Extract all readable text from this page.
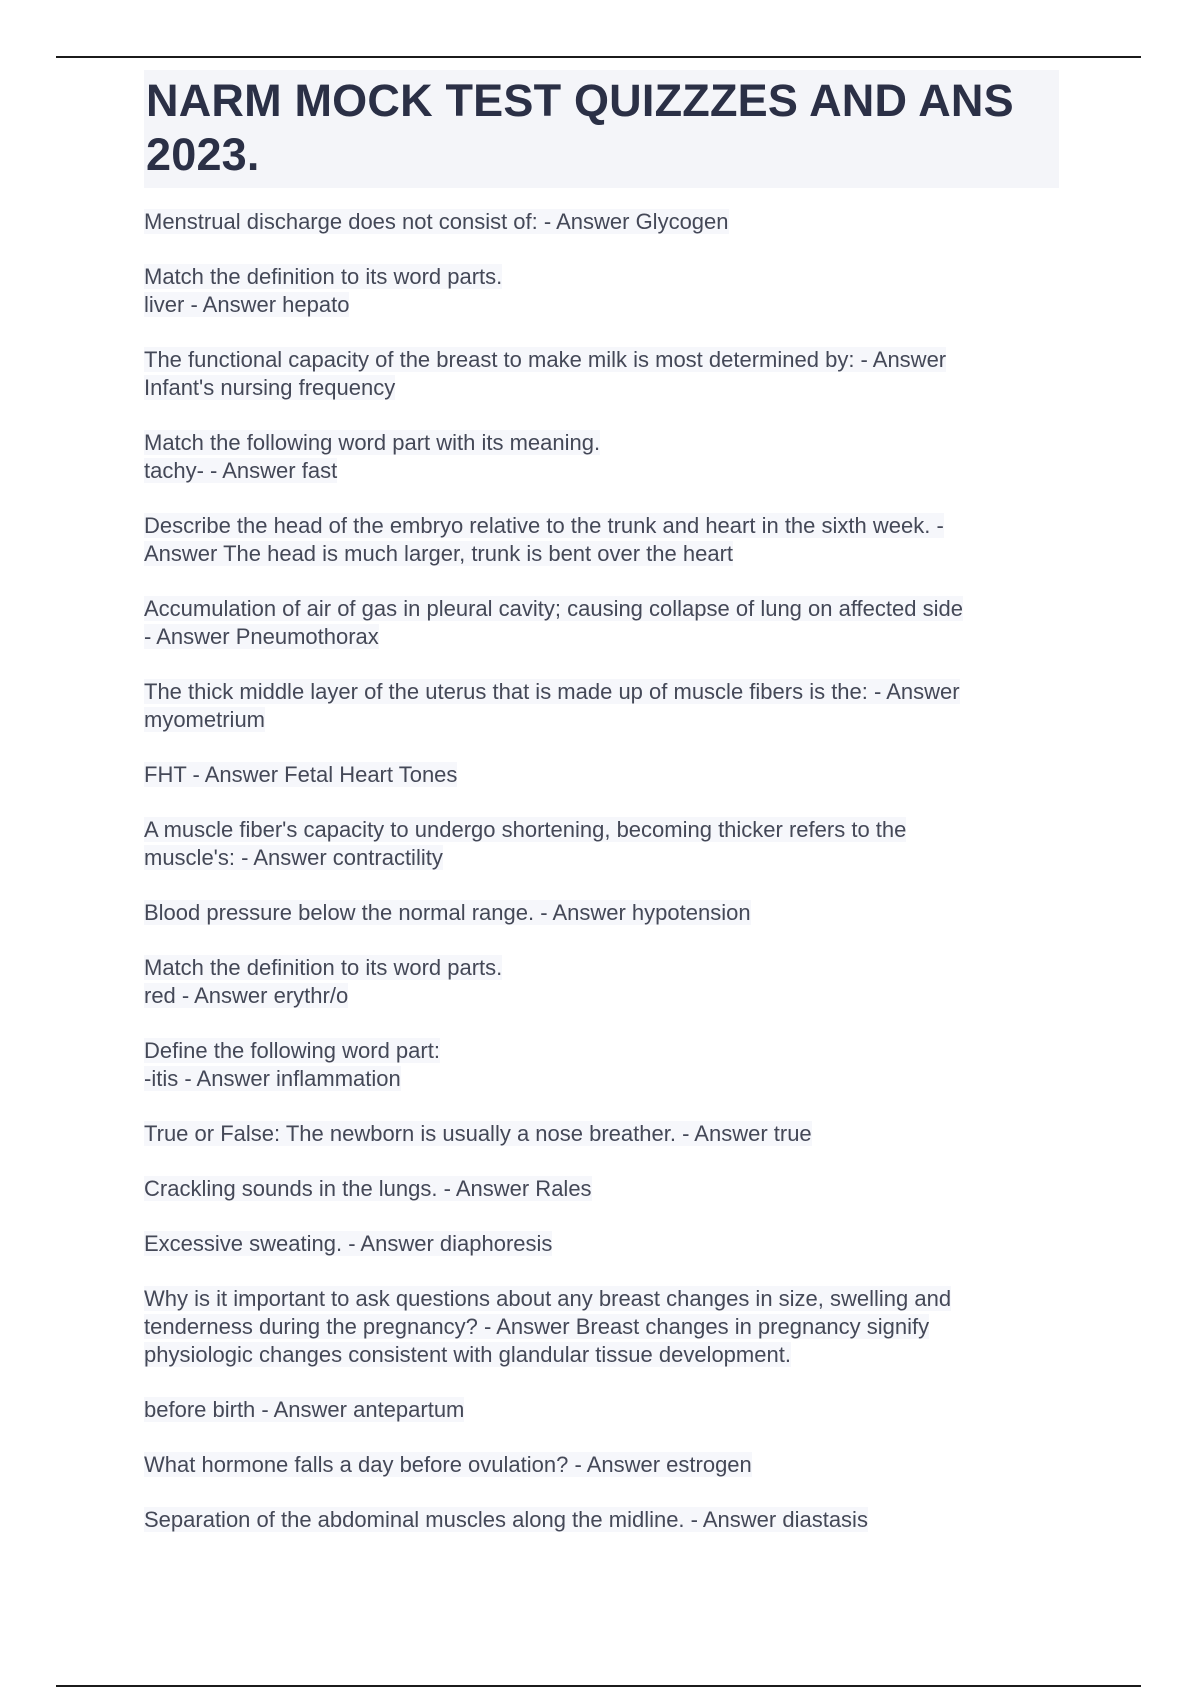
NARM MOCK TEST QUIZZZES AND ANS 2023.
Menstrual discharge does not consist of: - Answer Glycogen
Match the definition to its word parts.
liver - Answer hepato
The functional capacity of the breast to make milk is most determined by: - Answer
Infant's nursing frequency
Match the following word part with its meaning.
tachy- - Answer fast
Describe the head of the embryo relative to the trunk and heart in the sixth week. -
Answer The head is much larger, trunk is bent over the heart
Accumulation of air of gas in pleural cavity; causing collapse of lung on affected side
- Answer Pneumothorax
The thick middle layer of the uterus that is made up of muscle fibers is the: - Answer
myometrium
FHT - Answer Fetal Heart Tones
A muscle fiber's capacity to undergo shortening, becoming thicker refers to the
muscle's: - Answer contractility
Blood pressure below the normal range. - Answer hypotension
Match the definition to its word parts.
red - Answer erythr/o
Define the following word part:
-itis - Answer inflammation
True or False: The newborn is usually a nose breather. - Answer true
Crackling sounds in the lungs. - Answer Rales
Excessive sweating. - Answer diaphoresis
Why is it important to ask questions about any breast changes in size, swelling and
tenderness during the pregnancy? - Answer Breast changes in pregnancy signify
physiologic changes consistent with glandular tissue development.
before birth - Answer antepartum
What hormone falls a day before ovulation? - Answer estrogen
Separation of the abdominal muscles along the midline. - Answer diastasis
